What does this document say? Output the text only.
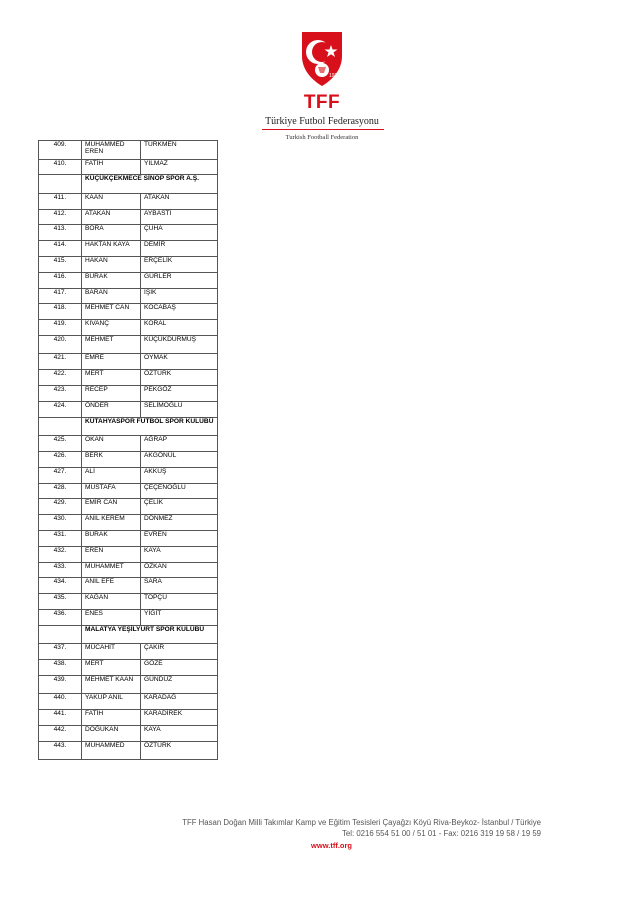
1923
TFF
Türkiye Futbol Federasyonu
Turkish Football Federation
409.	MUHAMMED EREN	TÜRKMEN
410.	FATİH	YILMAZ
	KÜÇÜKÇEKMECE SİNOP SPOR A.Ş.	
411.	KAAN	ATAKAN
412.	ATAKAN	AYBASTI
413.	BORA	ÇUHA
414.	HAKTAN KAYA	DEMİR
415.	HAKAN	ERÇELİK
416.	BURAK	GÜRLER
417.	BARAN	IŞIK
418.	MEHMET CAN	KOCABAŞ
419.	KIVANÇ	KORAL
420.	MEHMET	KÜÇÜKDURMUŞ
421.	EMRE	OYMAK
422.	MERT	ÖZTÜRK
423.	RECEP	PEKGÖZ
424.	ÖNDER	SELİMOĞLU
	KÜTAHYASPOR FUTBOL SPOR KULÜBÜ	
425.	OKAN	AĞRAP
426.	BERK	AKGÖNÜL
427.	ALİ	AKKUŞ
428.	MUSTAFA	ÇEÇENOĞLU
429.	EMİR CAN	ÇELİK
430.	ANIL KEREM	DÖNMEZ
431.	BURAK	EVREN
432.	EREN	KAYA
433.	MUHAMMET	ÖZKAN
434.	ANIL EFE	SARA
435.	KAĞAN	TOPÇU
436.	ENES	YİĞİT
	MALATYA YEŞİLYURT SPOR KULÜBÜ	
437.	MÜCAHİT	ÇAKIR
438.	MERT	GÖZE
439.	MEHMET KAAN	GÜNDÜZ
440.	YAKUP ANIL	KARADAĞ
441.	FATİH	KARADİREK
442.	DOĞUKAN	KAYA
443.	MUHAMMED	ÖZTÜRK
TFF Hasan Doğan Milli Takımlar Kamp ve Eğitim Tesisleri Çayağzı Köyü Riva-Beykoz- İstanbul / Türkiye
Tel: 0216 554 51 00 / 51 01 - Fax: 0216 319 19 58 / 19 59
www.tff.org
